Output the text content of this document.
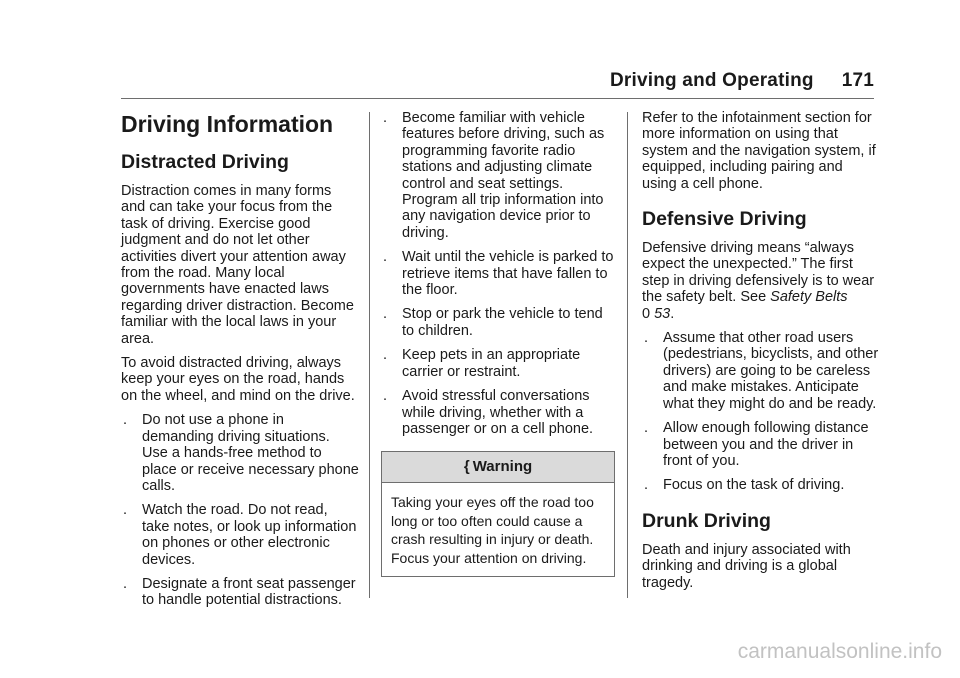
Driving and Operating 171
Driving Information
Distracted Driving

Distraction comes in many forms and can take your focus from the task of driving. Exercise good judgment and do not let other activities divert your attention away from the road. Many local governments have enacted laws regarding driver distraction. Become familiar with the local laws in your area.

To avoid distracted driving, always keep your eyes on the road, hands on the wheel, and mind on the drive.

. Do not use a phone in demanding driving situations. Use a hands-free method to place or receive necessary phone calls.
. Watch the road. Do not read, take notes, or look up information on phones or other electronic devices.
. Designate a front seat passenger to handle potential distractions.
. Become familiar with vehicle features before driving, such as programming favorite radio stations and adjusting climate control and seat settings. Program all trip information into any navigation device prior to driving.
. Wait until the vehicle is parked to retrieve items that have fallen to the floor.
. Stop or park the vehicle to tend to children.
. Keep pets in an appropriate carrier or restraint.
. Avoid stressful conversations while driving, whether with a passenger or on a cell phone.
{ Warning
Taking your eyes off the road too long or too often could cause a crash resulting in injury or death. Focus your attention on driving.

Refer to the infotainment section for more information on using that system and the navigation system, if equipped, including pairing and using a cell phone.

Defensive Driving

Defensive driving means “always expect the unexpected.” The first step in driving defensively is to wear the safety belt. See Safety Belts
0 53.

. Assume that other road users (pedestrians, bicyclists, and other drivers) are going to be careless and make mistakes. Anticipate what they might do and be ready.
. Allow enough following distance between you and the driver in front of you.
. Focus on the task of driving.
Drunk Driving

Death and injury associated with drinking and driving is a global tragedy.

carmanualsonline.info
